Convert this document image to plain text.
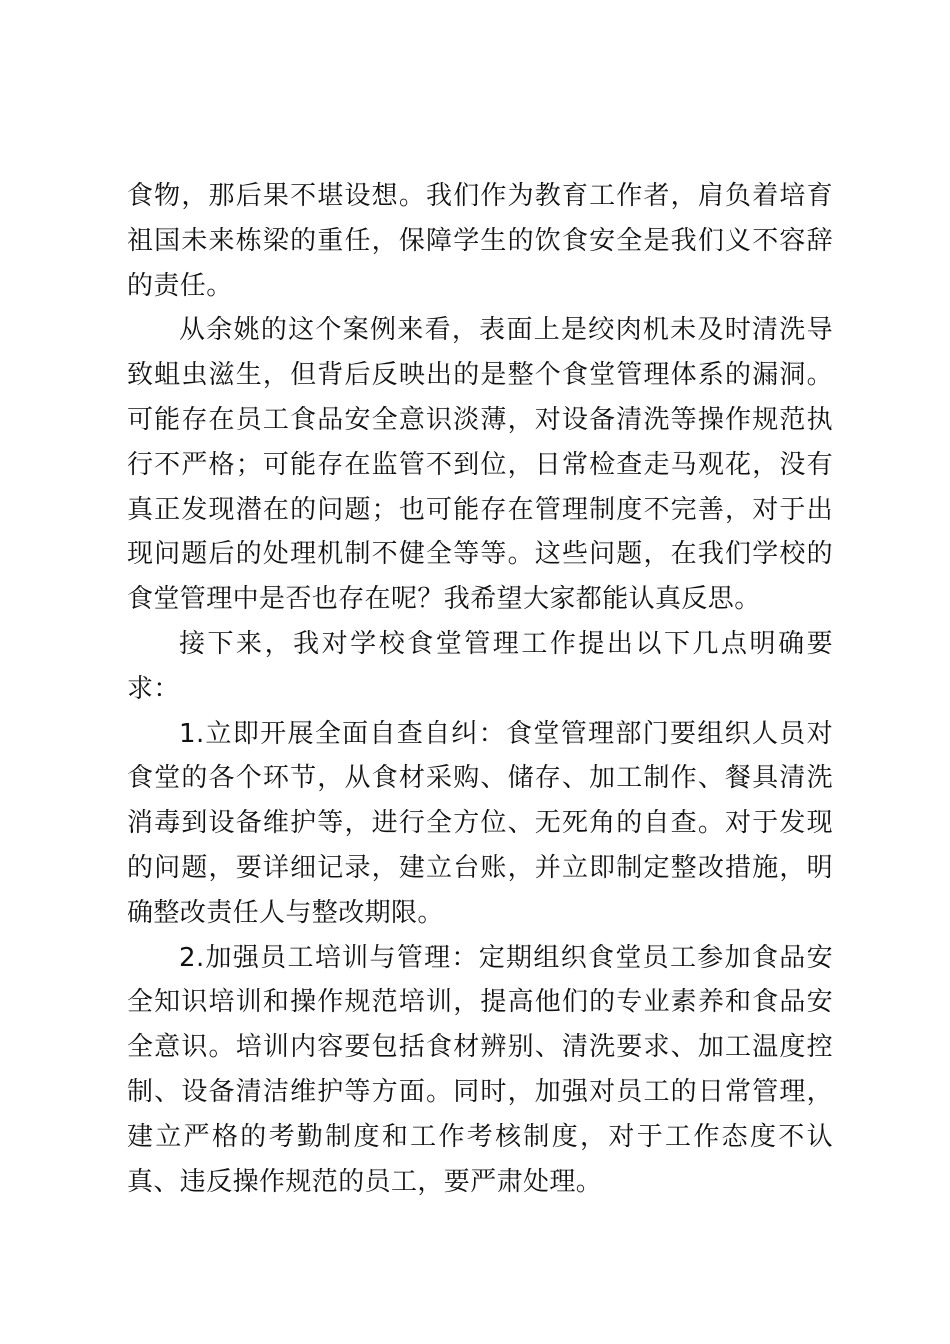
食物，那后果不堪设想。我们作为教育工作者，肩负着培育祖国未来栋梁的重任，保障学生的饮食安全是我们义不容辞的责任。

从余姚的这个案例来看，表面上是绞肉机未及时清洗导致蛆虫滋生，但背后反映出的是整个食堂管理体系的漏洞。可能存在员工食品安全意识淡薄，对设备清洗等操作规范执行不严格；可能存在监管不到位，日常检查走马观花，没有真正发现潜在的问题；也可能存在管理制度不完善，对于出现问题后的处理机制不健全等等。这些问题，在我们学校的食堂管理中是否也存在呢？我希望大家都能认真反思。

接下来，我对学校食堂管理工作提出以下几点明确要求：

1.立即开展全面自查自纠：食堂管理部门要组织人员对食堂的各个环节，从食材采购、储存、加工制作、餐具清洗消毒到设备维护等，进行全方位、无死角的自查。对于发现的问题，要详细记录，建立台账，并立即制定整改措施，明确整改责任人与整改期限。

2.加强员工培训与管理：定期组织食堂员工参加食品安全知识培训和操作规范培训，提高他们的专业素养和食品安全意识。培训内容要包括食材辨别、清洗要求、加工温度控制、设备清洁维护等方面。同时，加强对员工的日常管理，建立严格的考勤制度和工作考核制度，对于工作态度不认真、违反操作规范的员工，要严肃处理。
